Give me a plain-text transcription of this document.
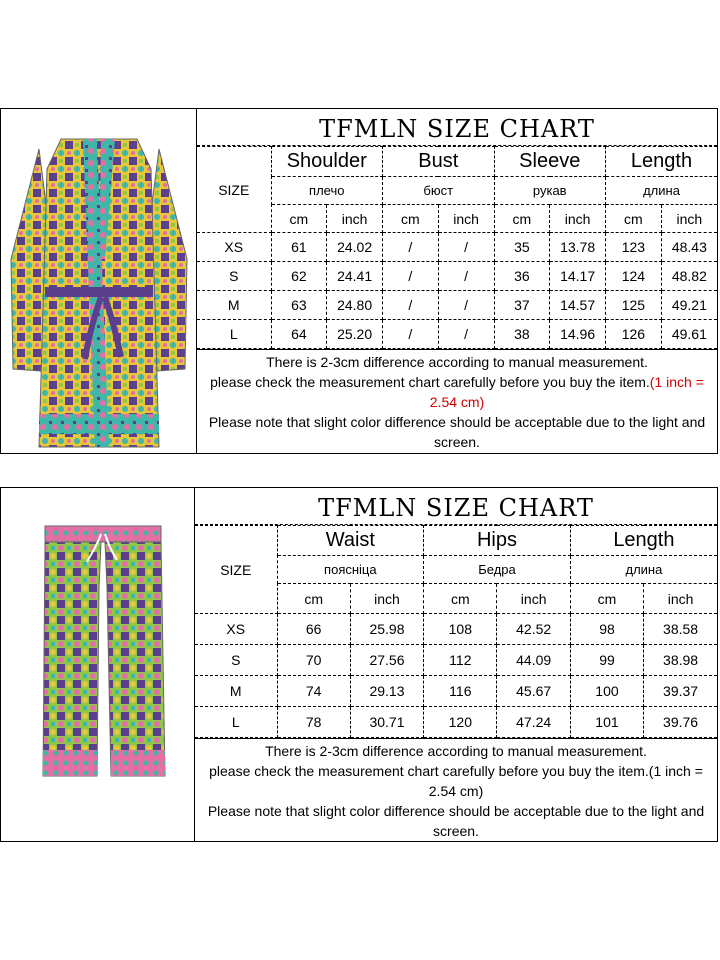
TFMLN SIZE CHART
SIZE	Shoulder		Bust		Sleeve		Length	
	плечо		бюст		рукав		длина	
	cm	inch	cm	inch	cm	inch	cm	inch
XS	61	24.02	/	/	35	13.78	123	48.43
S	62	24.41	/	/	36	14.17	124	48.82
M	63	24.80	/	/	37	14.57	125	49.21
L	64	25.20	/	/	38	14.96	126	49.61
There is 2-3cm difference according to manual measurement.
please check the measurement chart carefully before you buy the item.(1 inch = 2.54 cm)
Please note that slight color difference should be acceptable due to the light and screen.
TFMLN SIZE CHART
SIZE	Waist		Hips		Length	
	пояснiца		Бедра		длина	
	cm	inch	cm	inch	cm	inch
XS	66	25.98	108	42.52	98	38.58
S	70	27.56	112	44.09	99	38.98
M	74	29.13	116	45.67	100	39.37
L	78	30.71	120	47.24	101	39.76
There is 2-3cm difference according to manual measurement.
please check the measurement chart carefully before you buy the item.(1 inch = 2.54 cm)
Please note that slight color difference should be acceptable due to the light and screen.
